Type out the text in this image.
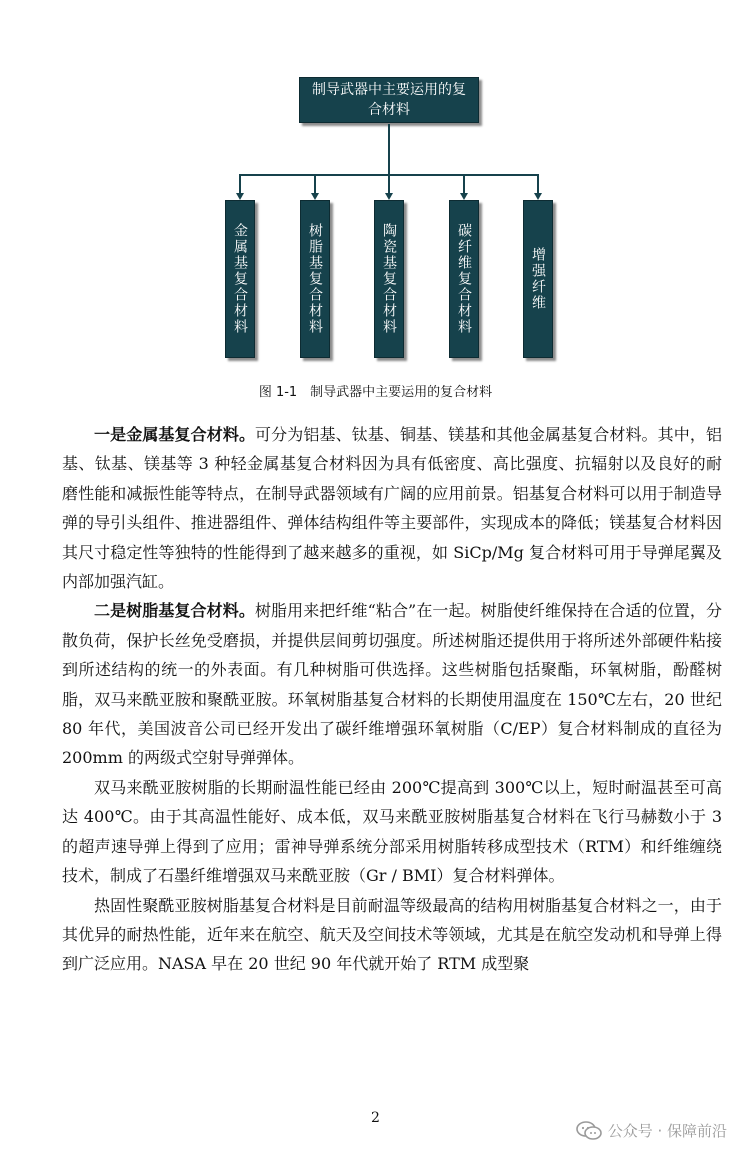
制导武器中主要运用的复合材料
金属基复合材料	树脂基复合材料	陶瓷基复合材料	碳纤维复合材料	增强纤维
图 1-1　制导武器中主要运用的复合材料

一是金属基复合材料。可分为铝基、钛基、铜基、镁基和其他金属基复合材料。其中，铝基、钛基、镁基等 3 种轻金属基复合材料因为具有低密度、高比强度、抗辐射以及良好的耐磨性能和减振性能等特点，在制导武器领域有广阔的应用前景。铝基复合材料可以用于制造导弹的导引头组件、推进器组件、弹体结构组件等主要部件，实现成本的降低；镁基复合材料因其尺寸稳定性等独特的性能得到了越来越多的重视，如 SiCp/Mg 复合材料可用于导弹尾翼及内部加强汽缸。

二是树脂基复合材料。树脂用来把纤维“粘合”在一起。树脂使纤维保持在合适的位置，分散负荷，保护长丝免受磨损，并提供层间剪切强度。所述树脂还提供用于将所述外部硬件粘接到所述结构的统一的外表面。有几种树脂可供选择。这些树脂包括聚酯，环氧树脂，酚醛树脂，双马来酰亚胺和聚酰亚胺。环氧树脂基复合材料的长期使用温度在 150℃左右，20 世纪 80 年代，美国波音公司已经开发出了碳纤维增强环氧树脂（C/EP）复合材料制成的直径为 200mm 的两级式空射导弹弹体。

双马来酰亚胺树脂的长期耐温性能已经由 200℃提高到 300℃以上，短时耐温甚至可高达 400℃。由于其高温性能好、成本低，双马来酰亚胺树脂基复合材料在飞行马赫数小于 3 的超声速导弹上得到了应用；雷神导弹系统分部采用树脂转移成型技术（RTM）和纤维缠绕技术，制成了石墨纤维增强双马来酰亚胺（Gr / BMI）复合材料弹体。

热固性聚酰亚胺树脂基复合材料是目前耐温等级最高的结构用树脂基复合材料之一，由于其优异的耐热性能，近年来在航空、航天及空间技术等领域，尤其是在航空发动机和导弹上得到广泛应用。NASA 早在 20 世纪 90 年代就开始了 RTM 成型聚

2
公众号 · 保障前沿
